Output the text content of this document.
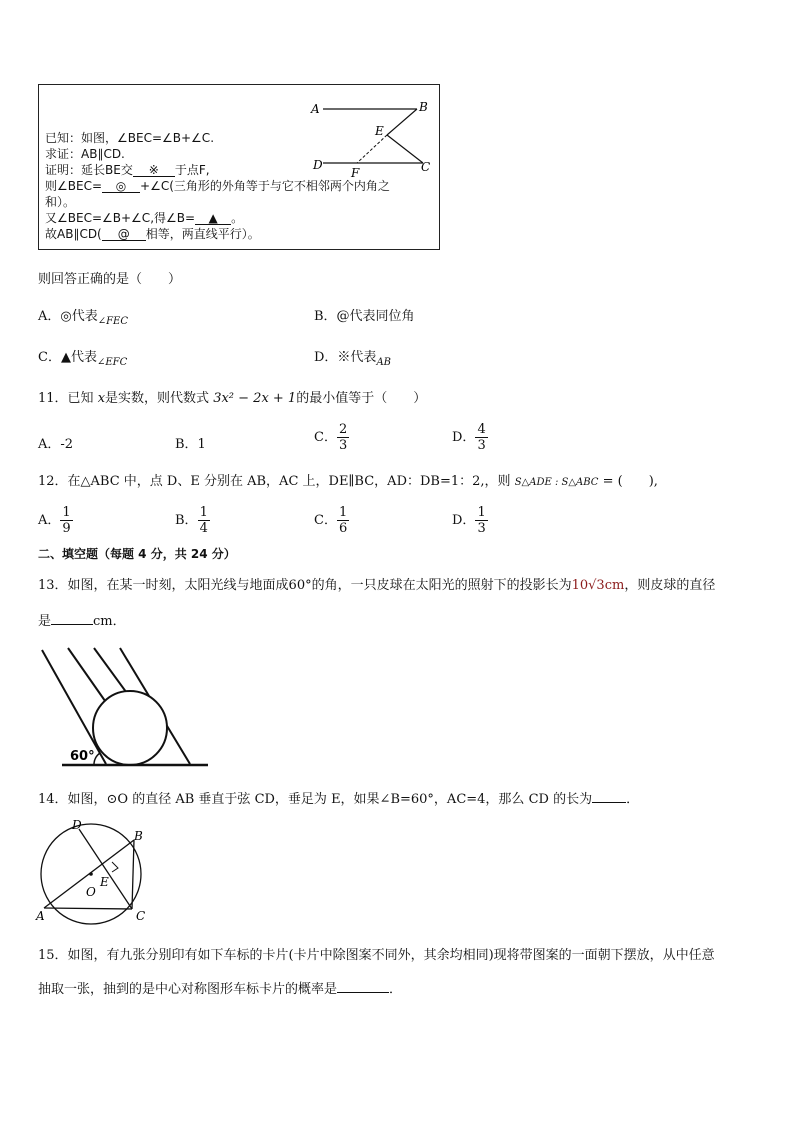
A	B
E
D
F	C
已知：如图，∠BEC=∠B+∠C.
求证：AB∥CD.
证明：延长BE交 ※ 于点F,
则∠BEC= ◎ +∠C(三角形的外角等于与它不相邻两个内角之
和）。
又∠BEC=∠B+∠C,得∠B= ▲ 。
故AB∥CD( @ 相等，两直线平行）。
则回答正确的是（　　）
A．◎代表$_{\angle FEC}$	B．@代表同位角
C．▲代表$_{\angle EFC}$	D．※代表$_{AB}$
11．已知 x是实数，则代数式 3x² − 2x + 1的最小值等于（　　）
A．-2	B．1	C． $\frac{2}{3}$	D． $\frac{4}{3}$
12．在△ABC 中，点 D、E 分别在 AB，AC 上，DE∥BC，AD：DB=1：2,，则 S△ADE : S△ABC = (　　),
A． $\frac{1}{9}$	B． $\frac{1}{4}$	C． $\frac{1}{6}$	D． $\frac{1}{3}$
二、填空题（每题 4 分，共 24 分）
13．如图，在某一时刻，太阳光线与地面成60°的角，一只皮球在太阳光的照射下的投影长为10√3cm，则皮球的直径
是	cm．
60°
14．如图，⊙O 的直径 AB 垂直于弦 CD，垂足为 E，如果∠B=60°，AC=4，那么 CD 的长为	．
D
B
E
O
A	C
15．如图，有九张分别印有如下车标的卡片(卡片中除图案不同外，其余均相同)现将带图案的一面朝下摆放，从中任意
抽取一张，抽到的是中心对称图形车标卡片的概率是	．
